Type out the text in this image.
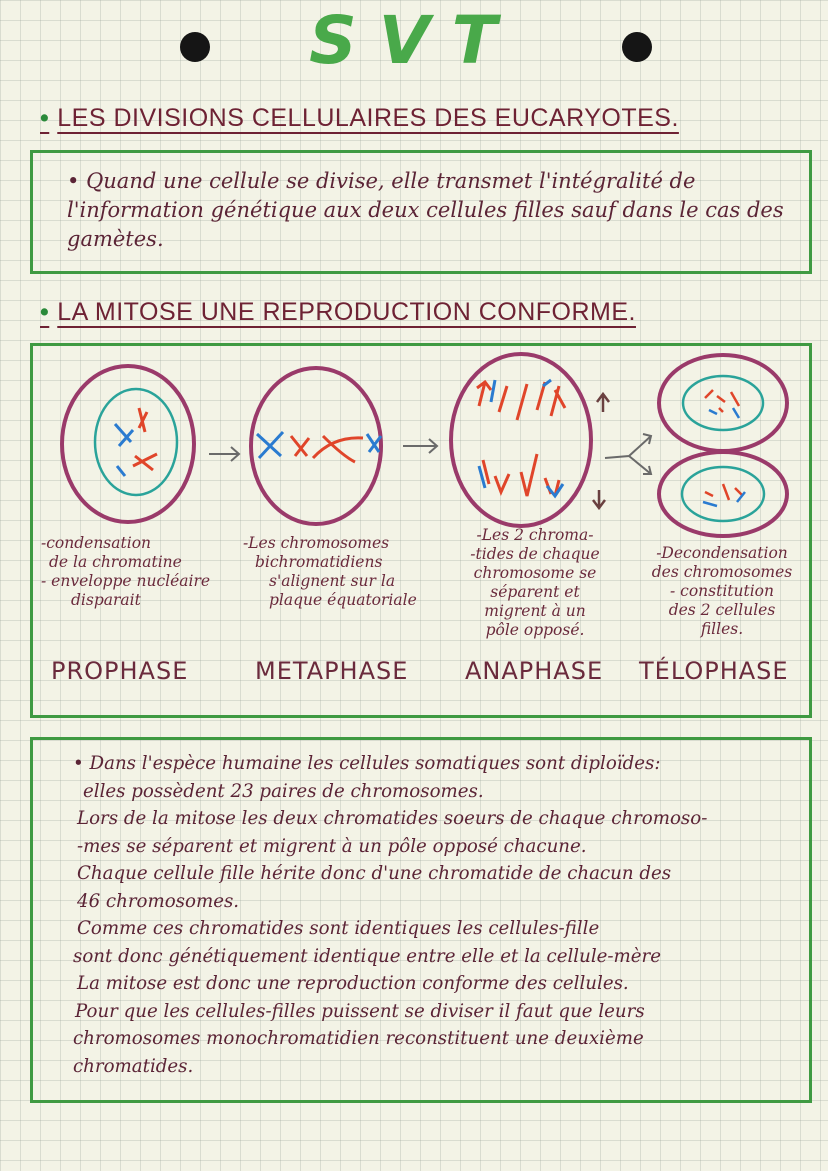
SVT
• LES DIVISIONS CELLULAIRES DES EUCARYOTES.
• Quand une cellule se divise, elle transmet l'intégralité de l'information génétique aux deux cellules filles sauf dans le cas des gamètes.
• LA MITOSE UNE REPRODUCTION CONFORME.
-condensation
de la chromatine
- enveloppe nucléaire
disparait
-Les chromosomes
bichromatidiens
s'alignent sur la
plaque équatoriale
-Les 2 chroma-
-tides de chaque
chromosome se
séparent et
migrent à un
pôle opposé.
-Decondensation
des chromosomes
- constitution
des 2 cellules
filles.
PROPHASE	METAPHASE ANAPHASE TÉLOPHASE

• Dans l'espèce humaine les cellules somatiques sont diploïdes:

elles possèdent 23 paires de chromosomes.

Lors de la mitose les deux chromatides soeurs de chaque chromoso-

-mes se séparent et migrent à un pôle opposé chacune.

Chaque cellule fille hérite donc d'une chromatide de chacun des

46 chromosomes.

Comme ces chromatides sont identiques les cellules-fille

sont donc génétiquement identique entre elle et la cellule-mère

La mitose est donc une reproduction conforme des cellules.

Pour que les cellules-filles puissent se diviser il faut que leurs

chromosomes monochromatidien reconstituent une deuxième

chromatides.
